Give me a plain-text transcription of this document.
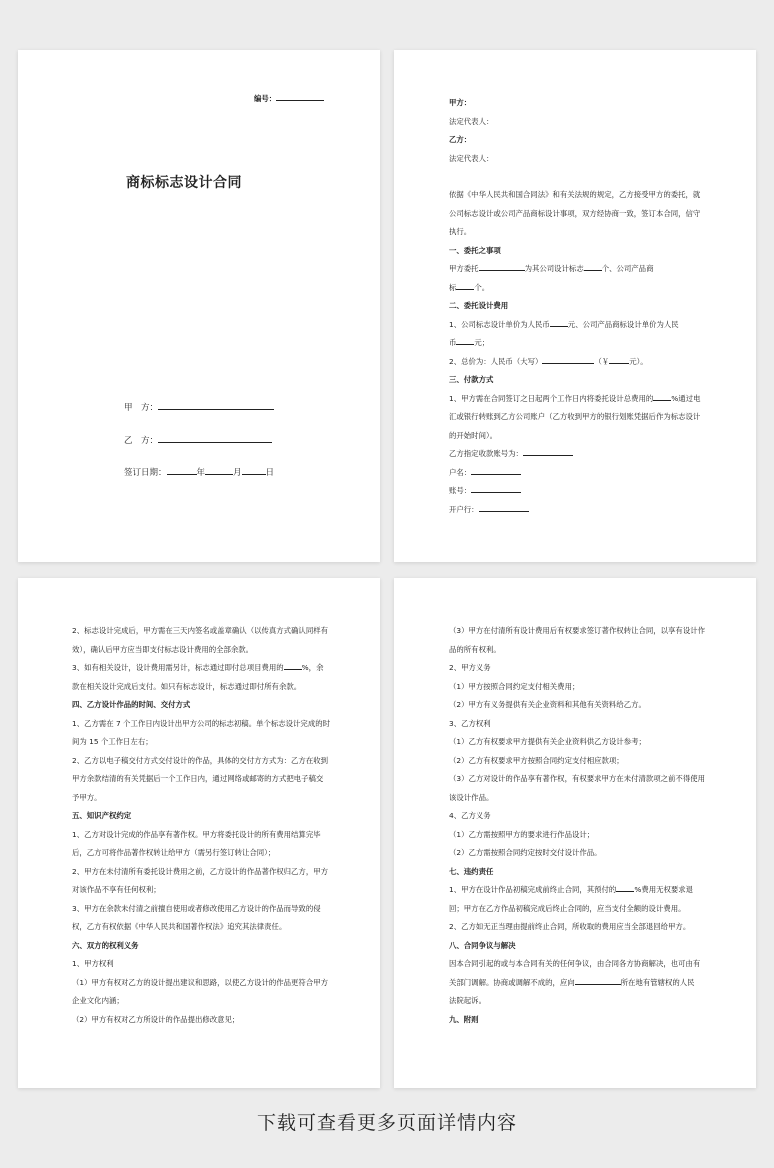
编号：
商标标志设计合同
甲　方：
乙　方：
签订日期：	年	月	日
甲方：
法定代表人：
乙方：
法定代表人：
依据《中华人民共和国合同法》和有关法规的规定，乙方接受甲方的委托，就
公司标志设计或公司产品商标设计事项，双方经协商一致，签订本合同，信守
执行。
一、委托之事项
甲方委托	为其公司设计标志 个、公司产品商
标 个。
二、委托设计费用
1、公司标志设计单价为人民币 元、公司产品商标设计单价为人民
币 元；
2、总价为：人民币（大写）	（￥	元）。
三、付款方式
1、甲方需在合同签订之日起两个工作日内将委托设计总费用的 %通过电
汇或银行转账到乙方公司账户（乙方收到甲方的银行划账凭据后作为标志设计
的开始时间）。
乙方指定收款账号为：
户名：
账号：
开户行：
2、标志设计完成后，甲方需在三天内签名或盖章确认（以传真方式确认同样有
效），确认后甲方应当即支付标志设计费用的全部余款。
3、如有相关设计，设计费用需另计，标志通过即付总项目费用的 %，余
款在相关设计完成后支付。如只有标志设计，标志通过即付所有余款。
四、乙方设计作品的时间、交付方式
1、乙方需在 7 个工作日内设计出甲方公司的标志初稿。单个标志设计完成的时
间为 15 个工作日左右；
2、乙方以电子稿交付方式交付设计的作品，具体的交付方方式为：乙方在收到
甲方余款结清的有关凭据后一个工作日内，通过网络或邮寄的方式把电子稿交
予甲方。
五、知识产权约定
1、乙方对设计完成的作品享有著作权。甲方将委托设计的所有费用结算完毕
后，乙方可将作品著作权转让给甲方（需另行签订转让合同）；
2、甲方在未付清所有委托设计费用之前，乙方设计的作品著作权归乙方，甲方
对该作品不享有任何权利；
3、甲方在余款未付清之前擅自使用或者修改使用乙方设计的作品而导致的侵
权，乙方有权依据《中华人民共和国著作权法》追究其法律责任。
六、双方的权利义务
1、甲方权利
（1）甲方有权对乙方的设计提出建议和思路，以使乙方设计的作品更符合甲方
企业文化内涵；
（2）甲方有权对乙方所设计的作品提出修改意见；
（3）甲方在付清所有设计费用后有权要求签订著作权转让合同，以享有设计作
品的所有权利。
2、甲方义务
（1）甲方按照合同约定支付相关费用；
（2）甲方有义务提供有关企业资料和其他有关资料给乙方。
3、乙方权利
（1）乙方有权要求甲方提供有关企业资料供乙方设计参考；
（2）乙方有权要求甲方按照合同约定支付相应款项；
（3）乙方对设计的作品享有著作权，有权要求甲方在未付清款项之前不得使用
该设计作品。
4、乙方义务
（1）乙方需按照甲方的要求进行作品设计；
（2）乙方需按照合同约定按时交付设计作品。
七、违约责任
1、甲方在设计作品初稿完成前终止合同，其预付的 %费用无权要求退
回；甲方在乙方作品初稿完成后终止合同的，应当支付全额的设计费用。
2、乙方如无正当理由提前终止合同，所收取的费用应当全部退回给甲方。
八、合同争议与解决
因本合同引起的或与本合同有关的任何争议，由合同各方协商解决，也可由有
关部门调解。协商或调解不成的，应向	所在地有管辖权的人民
法院起诉。
九、附则
下载可查看更多页面详情内容
